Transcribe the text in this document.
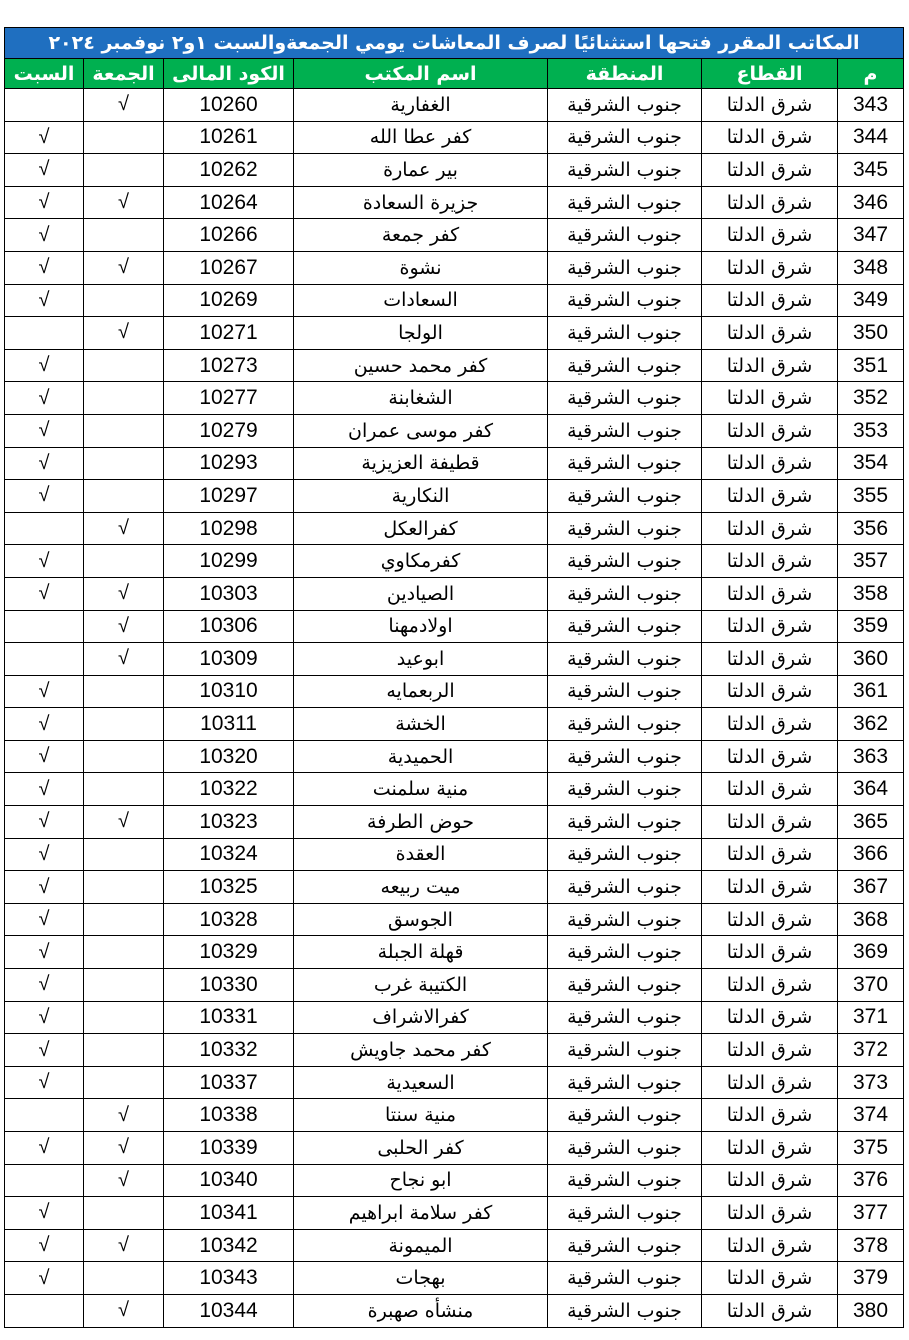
المكاتب المقرر فتحها استثنائيًا لصرف المعاشات يومي الجمعةوالسبت ١و٢ نوفمبر ٢٠٢٤						
م	القطاع	المنطقة	اسم المكتب	الكود المالى	الجمعة	السبت
343	شرق الدلتا	جنوب الشرقية	الغفارية	10260	√	
344	شرق الدلتا	جنوب الشرقية	كفر عطا الله	10261		√
345	شرق الدلتا	جنوب الشرقية	بير عمارة	10262		√
346	شرق الدلتا	جنوب الشرقية	جزيرة السعادة	10264	√	√
347	شرق الدلتا	جنوب الشرقية	كفر جمعة	10266		√
348	شرق الدلتا	جنوب الشرقية	نشوة	10267	√	√
349	شرق الدلتا	جنوب الشرقية	السعادات	10269		√
350	شرق الدلتا	جنوب الشرقية	الولجا	10271	√	
351	شرق الدلتا	جنوب الشرقية	كفر محمد حسين	10273		√
352	شرق الدلتا	جنوب الشرقية	الشغابنة	10277		√
353	شرق الدلتا	جنوب الشرقية	كفر موسى عمران	10279		√
354	شرق الدلتا	جنوب الشرقية	قطيفة العزيزية	10293		√
355	شرق الدلتا	جنوب الشرقية	النكارية	10297		√
356	شرق الدلتا	جنوب الشرقية	كفرالعكل	10298	√	
357	شرق الدلتا	جنوب الشرقية	كفرمكاوي	10299		√
358	شرق الدلتا	جنوب الشرقية	الصيادين	10303	√	√
359	شرق الدلتا	جنوب الشرقية	اولادمهنا	10306	√	
360	شرق الدلتا	جنوب الشرقية	ابوعيد	10309	√	
361	شرق الدلتا	جنوب الشرقية	الربعمايه	10310		√
362	شرق الدلتا	جنوب الشرقية	الخشة	10311		√
363	شرق الدلتا	جنوب الشرقية	الحميدية	10320		√
364	شرق الدلتا	جنوب الشرقية	منية سلمنت	10322		√
365	شرق الدلتا	جنوب الشرقية	حوض الطرفة	10323	√	√
366	شرق الدلتا	جنوب الشرقية	العقدة	10324		√
367	شرق الدلتا	جنوب الشرقية	ميت ربيعه	10325		√
368	شرق الدلتا	جنوب الشرقية	الجوسق	10328		√
369	شرق الدلتا	جنوب الشرقية	قهلة الجبلة	10329		√
370	شرق الدلتا	جنوب الشرقية	الكتيبة غرب	10330		√
371	شرق الدلتا	جنوب الشرقية	كفرالاشراف	10331		√
372	شرق الدلتا	جنوب الشرقية	كفر محمد جاويش	10332		√
373	شرق الدلتا	جنوب الشرقية	السعيدية	10337		√
374	شرق الدلتا	جنوب الشرقية	منية سنتا	10338	√	
375	شرق الدلتا	جنوب الشرقية	كفر الحلبى	10339	√	√
376	شرق الدلتا	جنوب الشرقية	ابو نجاح	10340	√	
377	شرق الدلتا	جنوب الشرقية	كفر سلامة ابراهيم	10341		√
378	شرق الدلتا	جنوب الشرقية	الميمونة	10342	√	√
379	شرق الدلتا	جنوب الشرقية	بهجات	10343		√
380	شرق الدلتا	جنوب الشرقية	منشأه صهبرة	10344	√	
